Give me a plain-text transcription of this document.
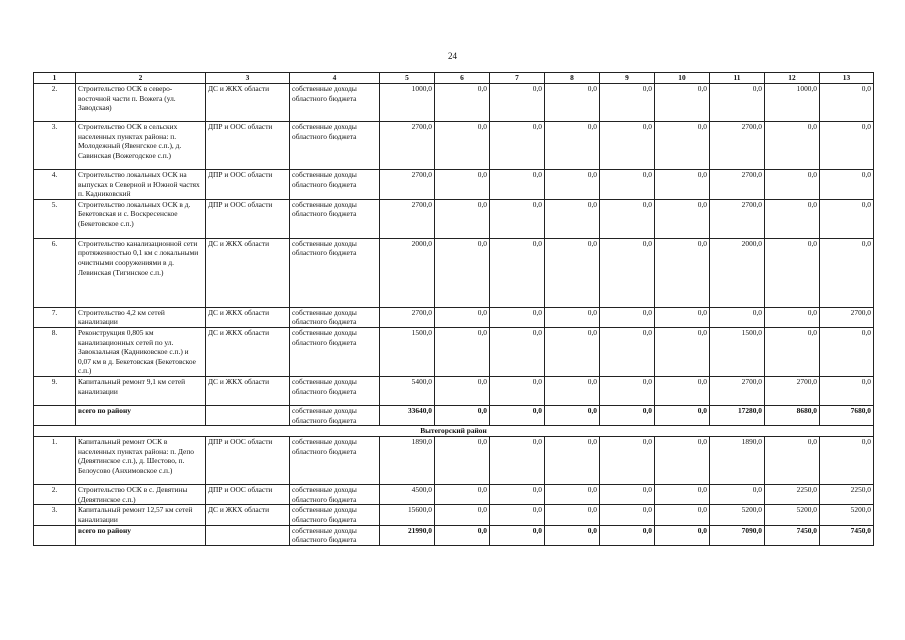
24
1	2	3	4	5	6	7	8	9	10	11	12	13
2.	Строительство ОСК в северо-восточной части п. Вожега (ул. Заводская)	ДС и ЖКХ области	собственные доходы областного бюджета	1000,0	0,0	0,0	0,0	0,0	0,0	0,0	1000,0	0,0
3.	Строительство ОСК в сельских населенных пунктах района: п. Молодежный (Явенгское с.п.), д. Савинская (Вожегодское с.п.)	ДПР и ООС области	собственные доходы областного бюджета	2700,0	0,0	0,0	0,0	0,0	0,0	2700,0	0,0	0,0
4.	Строительство локальных ОСК на выпусках в Северной и Южной частях п. Кадниковский	ДПР и ООС области	собственные доходы областного бюджета	2700,0	0,0	0,0	0,0	0,0	0,0	2700,0	0,0	0,0
5.	Строительство локальных ОСК в д. Бекетовская и с. Воскресенское (Бекетовское с.п.)	ДПР и ООС области	собственные доходы областного бюджета	2700,0	0,0	0,0	0,0	0,0	0,0	2700,0	0,0	0,0
6.	Строительство канализационной сети протяженностью 0,1 км с локальными очистными сооружениями в д. Левинская (Тигинское с.п.)	ДС и ЖКХ области	собственные доходы областного бюджета	2000,0	0,0	0,0	0,0	0,0	0,0	2000,0	0,0	0,0
7.	Строительство 4,2 км сетей канализации	ДС и ЖКХ области	собственные доходы областного бюджета	2700,0	0,0	0,0	0,0	0,0	0,0	0,0	0,0	2700,0
8.	Реконструкция 0,805 км канализационных сетей по ул. Завокзальная (Кадниковское с.п.) и 0,07 км в д. Бекетовская (Бекетовское с.п.)	ДС и ЖКХ области	собственные доходы областного бюджета	1500,0	0,0	0,0	0,0	0,0	0,0	1500,0	0,0	0,0
9.	Капитальный ремонт 9,1 км сетей канализации	ДС и ЖКХ области	собственные доходы областного бюджета	5400,0	0,0	0,0	0,0	0,0	0,0	2700,0	2700,0	0,0
	всего по району		собственные доходы областного бюджета	33640,0	0,0	0,0	0,0	0,0	0,0	17280,0	8680,0	7680,0
Вытегорский район												
1.	Капитальный ремонт ОСК в населенных пунктах района: п. Депо (Девятинское с.п.), д. Шестово, п. Белоусово (Анхимовское с.п.)	ДПР и ООС области	собственные доходы областного бюджета	1890,0	0,0	0,0	0,0	0,0	0,0	1890,0	0,0	0,0
2.	Строительство ОСК в с. Девятины (Девятинское с.п.)	ДПР и ООС области	собственные доходы областного бюджета	4500,0	0,0	0,0	0,0	0,0	0,0	0,0	2250,0	2250,0
3.	Капитальный ремонт 12,57 км сетей канализации	ДС и ЖКХ области	собственные доходы областного бюджета	15600,0	0,0	0,0	0,0	0,0	0,0	5200,0	5200,0	5200,0
	всего по району		собственные доходы областного бюджета	21990,0	0,0	0,0	0,0	0,0	0,0	7090,0	7450,0	7450,0
